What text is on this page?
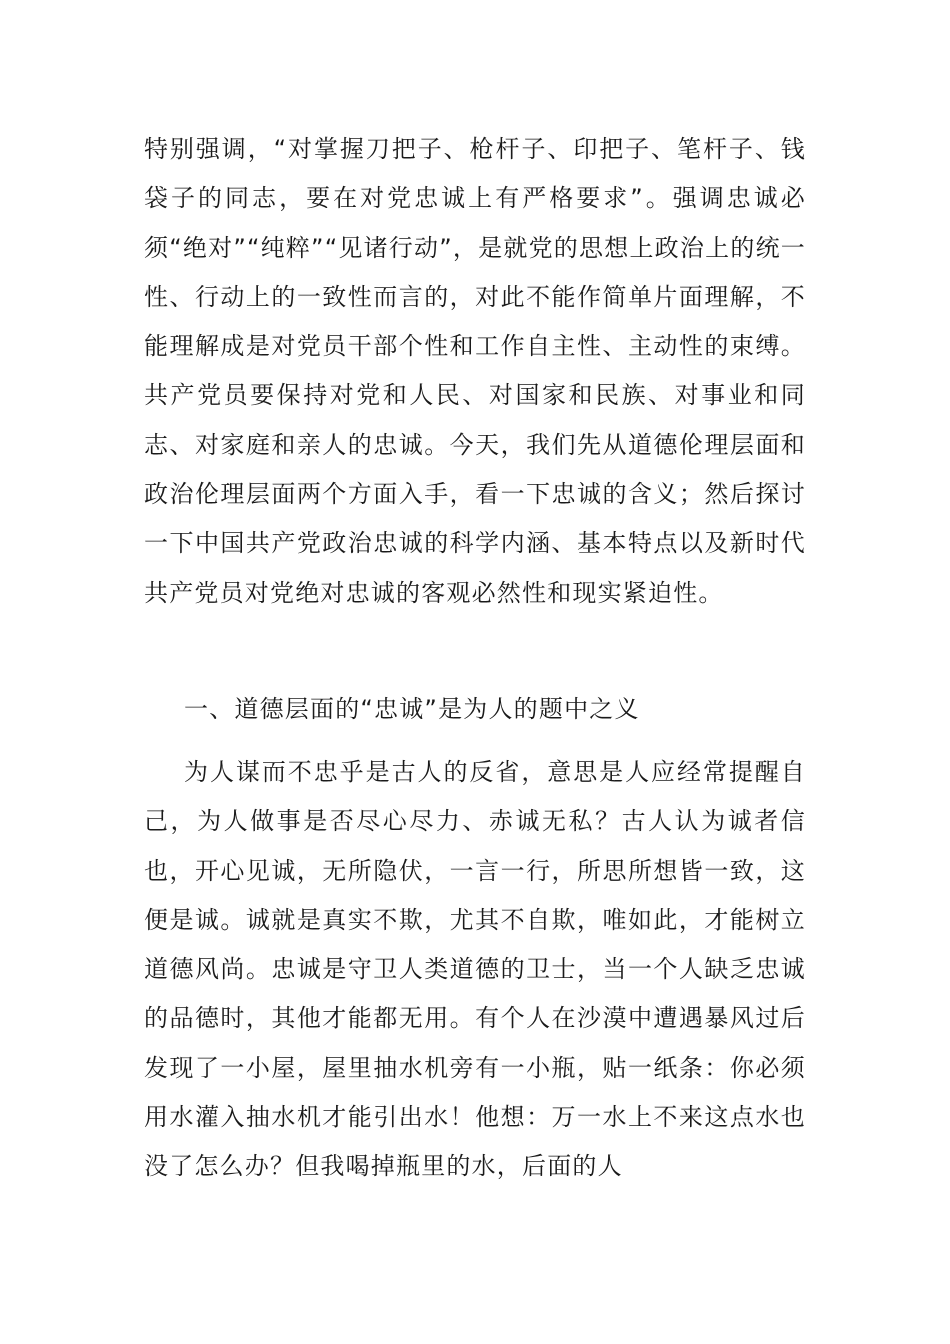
特别强调，“对掌握刀把子、枪杆子、印把子、笔杆子、钱袋子的同志，要在对党忠诚上有严格要求”。强调忠诚必须“绝对”“纯粹”“见诸行动”，是就党的思想上政治上的统一性、行动上的一致性而言的，对此不能作简单片面理解，不能理解成是对党员干部个性和工作自主性、主动性的束缚。共产党员要保持对党和人民、对国家和民族、对事业和同志、对家庭和亲人的忠诚。今天，我们先从道德伦理层面和政治伦理层面两个方面入手，看一下忠诚的含义；然后探讨一下中国共产党政治忠诚的科学内涵、基本特点以及新时代共产党员对党绝对忠诚的客观必然性和现实紧迫性。

一、道德层面的“忠诚”是为人的题中之义

为人谋而不忠乎是古人的反省，意思是人应经常提醒自己，为人做事是否尽心尽力、赤诚无私？古人认为诚者信也，开心见诚，无所隐伏，一言一行，所思所想皆一致，这便是诚。诚就是真实不欺，尤其不自欺，唯如此，才能树立道德风尚。忠诚是守卫人类道德的卫士，当一个人缺乏忠诚的品德时，其他才能都无用。有个人在沙漠中遭遇暴风过后发现了一小屋，屋里抽水机旁有一小瓶，贴一纸条：你必须用水灌入抽水机才能引出水！他想：万一水上不来这点水也没了怎么办？但我喝掉瓶里的水，后面的人
